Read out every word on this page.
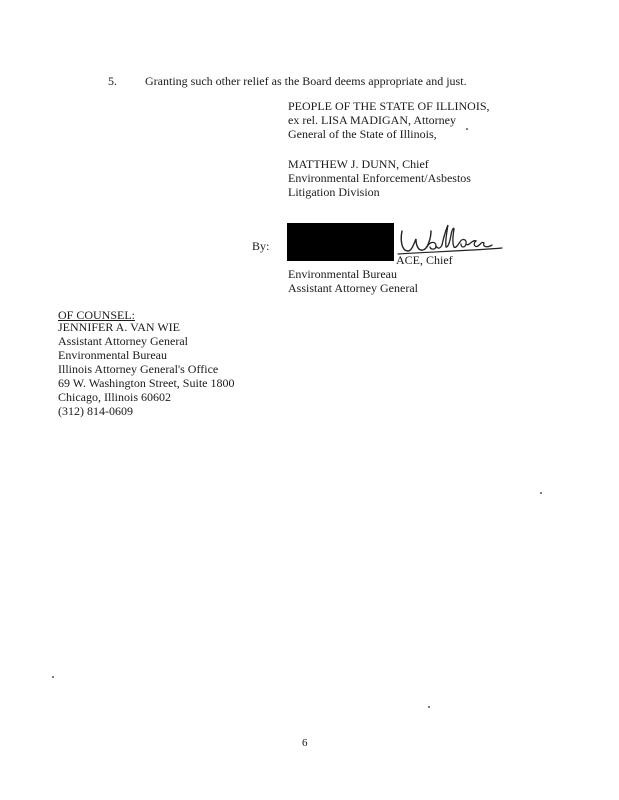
5. Granting such other relief as the Board deems appropriate and just.
PEOPLE OF THE STATE OF ILLINOIS,
ex rel. LISA MADIGAN, Attorney
General of the State of Illinois,
MATTHEW J. DUNN, Chief
Environmental Enforcement/Asbestos
Litigation Division
By:
ACE, Chief
Environmental Bureau
Assistant Attorney General
OF COUNSEL:
JENNIFER A. VAN WIE
Assistant Attorney General
Environmental Bureau
Illinois Attorney General's Office
69 W. Washington Street, Suite 1800
Chicago, Illinois 60602
(312) 814-0609
6
